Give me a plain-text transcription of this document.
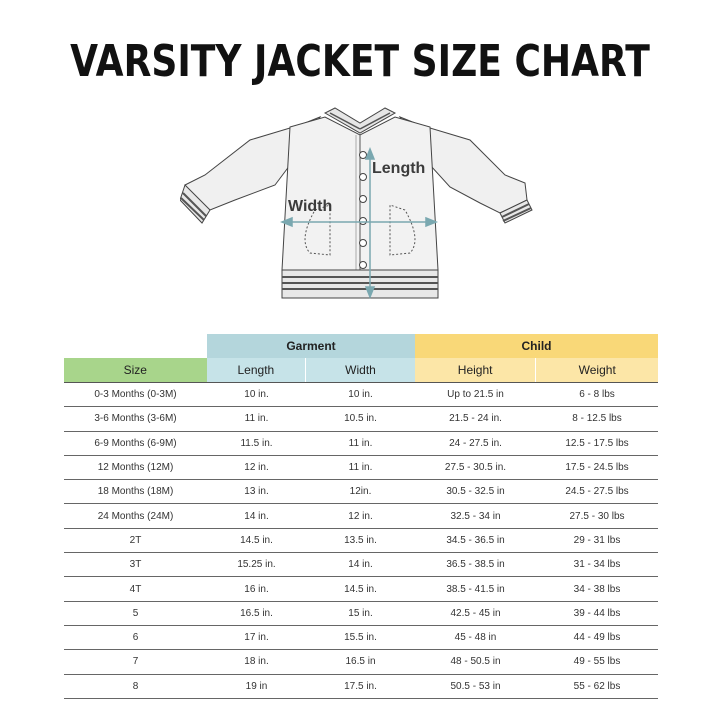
VARSITY JACKET SIZE CHART
Length
Width
Garment	Child
Size	Length	Width	Height	Weight
0-3 Months (0-3M)	10 in.	10 in.	Up to 21.5 in	6 - 8 lbs
3-6 Months (3-6M)	11 in.	10.5 in.	21.5 - 24 in.	8 - 12.5 lbs
6-9 Months (6-9M)	11.5 in.	11 in.	24 - 27.5 in.	12.5 - 17.5 lbs
12 Months (12M)	12 in.	11 in.	27.5 - 30.5 in.	17.5 - 24.5 lbs
18 Months (18M)	13 in.	12in.	30.5 - 32.5 in	24.5 - 27.5 lbs
24 Months (24M)	14 in.	12 in.	32.5 - 34 in	27.5 - 30 lbs
2T	14.5 in.	13.5 in.	34.5 - 36.5 in	29 - 31 lbs
3T	15.25 in.	14 in.	36.5 - 38.5 in	31 - 34 lbs
4T	16 in.	14.5 in.	38.5 - 41.5 in	34 - 38 lbs
5	16.5 in.	15 in.	42.5 - 45 in	39 - 44 lbs
6	17 in.	15.5 in.	45 - 48 in	44 - 49 lbs
7	18 in.	16.5 in	48 - 50.5 in	49 - 55 lbs
8	19 in	17.5 in.	50.5 - 53 in	55 - 62 lbs
